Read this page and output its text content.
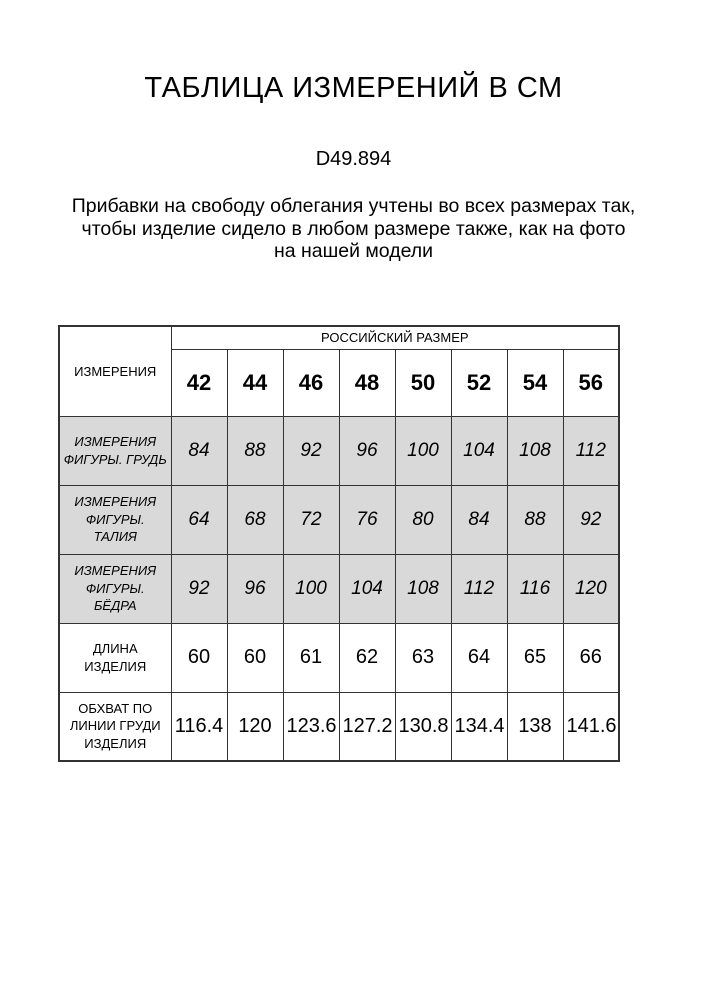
ТАБЛИЦА ИЗМЕРЕНИЙ В СМ
D49.894
Прибавки на свободу облегания учтены во всех размерах так,
чтобы изделие сидело в любом размере также, как на фото
на нашей модели
ИЗМЕРЕНИЯ	РОССИЙСКИЙ РАЗМЕР							
	42	44	46	48	50	52	54	56
ИЗМЕРЕНИЯ ФИГУРЫ. ГРУДЬ	84	88	92	96	100	104	108	112
ИЗМЕРЕНИЯ ФИГУРЫ. ТАЛИЯ	64	68	72	76	80	84	88	92
ИЗМЕРЕНИЯ ФИГУРЫ. БЁДРА	92	96	100	104	108	112	116	120
ДЛИНА ИЗДЕЛИЯ	60	60	61	62	63	64	65	66
ОБХВАТ ПО ЛИНИИ ГРУДИ ИЗДЕЛИЯ	116.4	120	123.6	127.2	130.8	134.4	138	141.6
